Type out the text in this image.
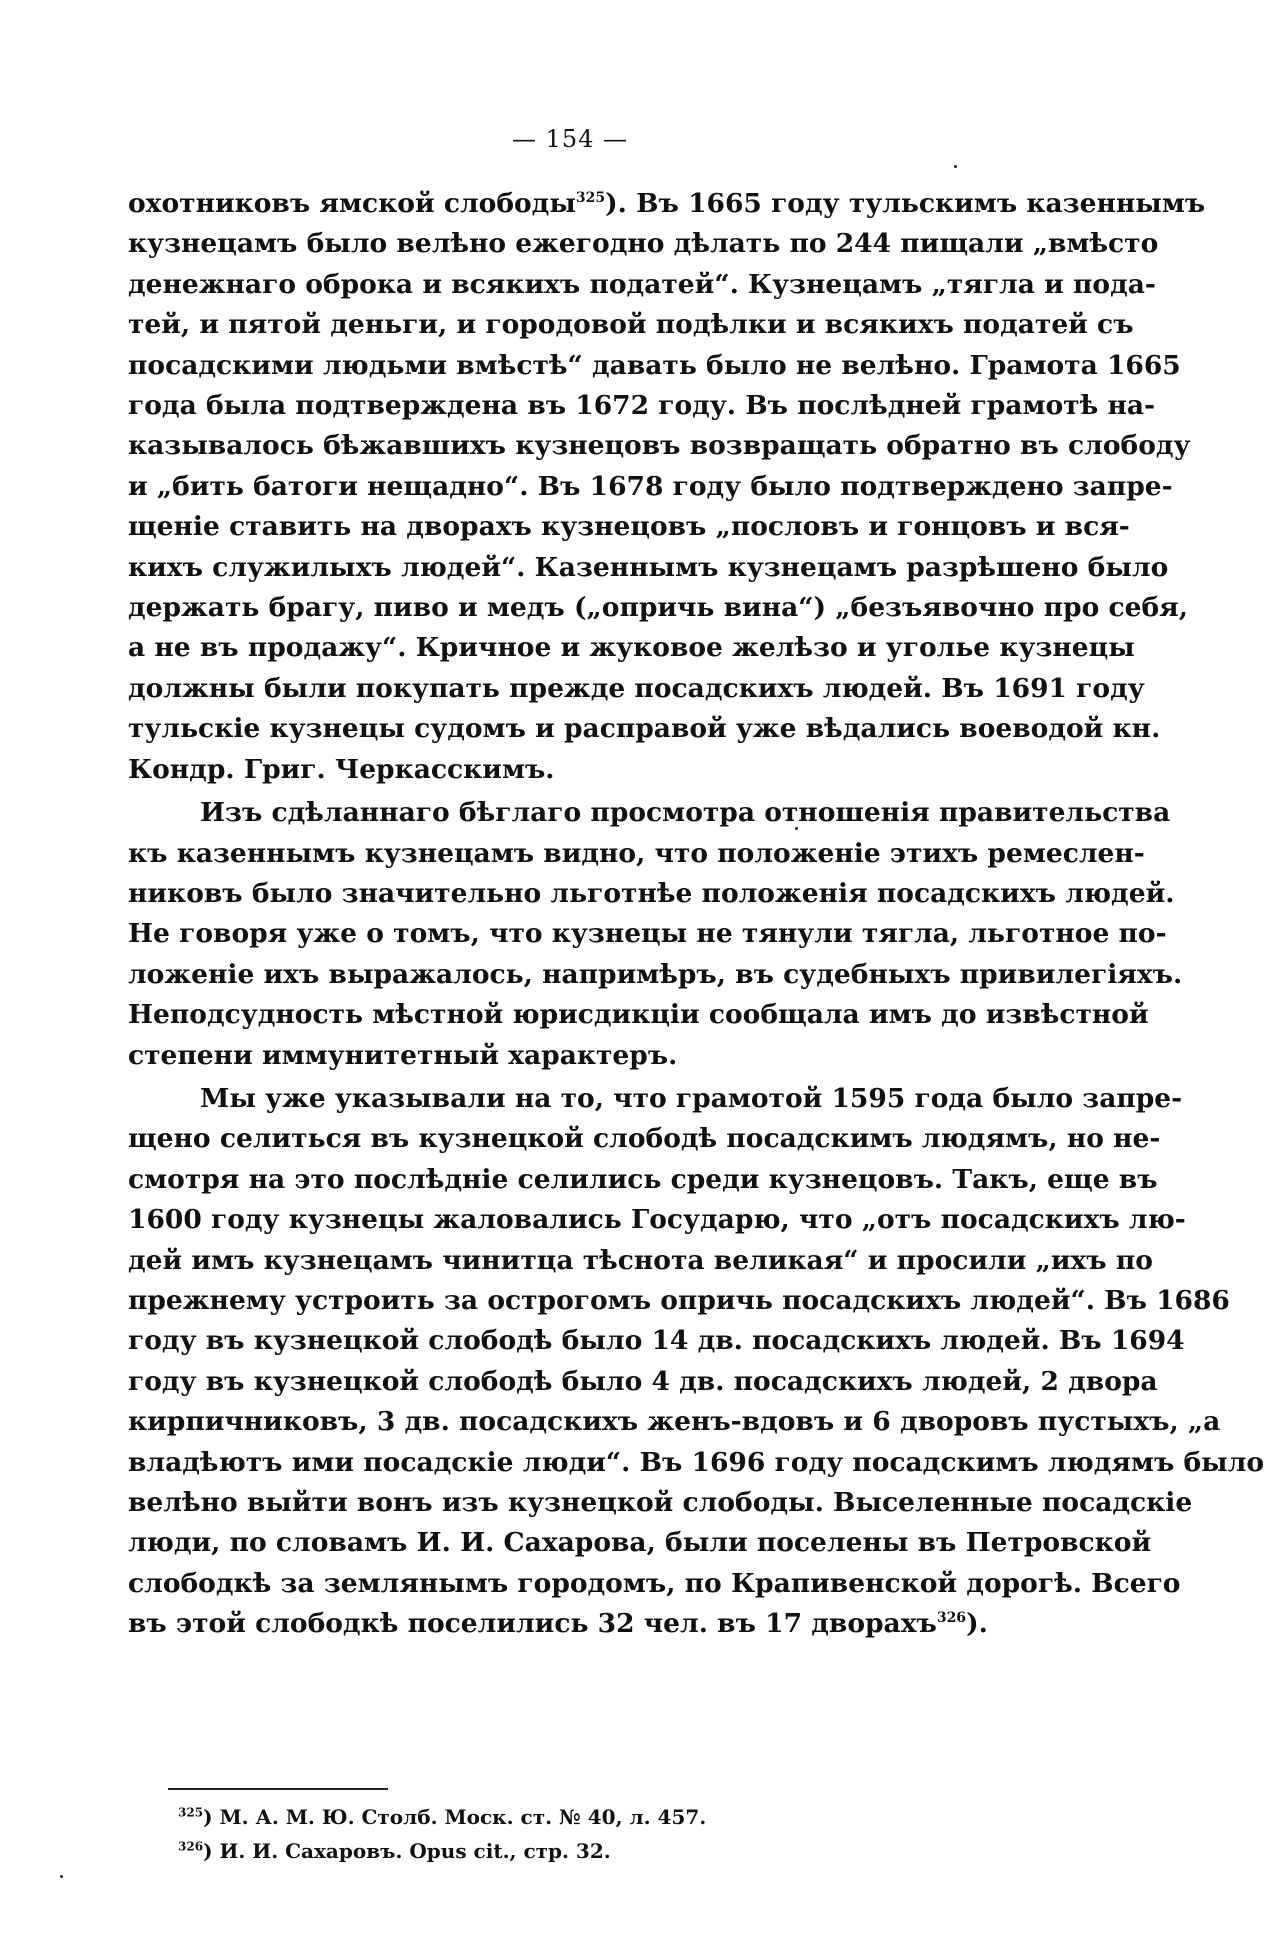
— 154 —
охотниковъ ямской слободы$^{325}$). Въ 1665 году тульскимъ казеннымъ
кузнецамъ было велѣно ежегодно дѣлать по 244 пищали „вмѣсто
денежнаго оброка и всякихъ податей“. Кузнецамъ „тягла и пода-
тей, и пятой деньги, и городовой подѣлки и всякихъ податей съ
посадскими людьми вмѣстѣ“ давать было не велѣно. Грамота 1665
года была подтверждена въ 1672 году. Въ послѣдней грамотѣ на-
казывалось бѣжавшихъ кузнецовъ возвращать обратно въ слободу
и „бить батоги нещадно“. Въ 1678 году было подтверждено запре-
щеніе ставить на дворахъ кузнецовъ „пословъ и гонцовъ и вся-
кихъ служилыхъ людей“. Казеннымъ кузнецамъ разрѣшено было
держать брагу, пиво и медъ („опричь вина“) „безъявочно про себя,
а не въ продажу“. Кричное и жуковое желѣзо и уголье кузнецы
должны были покупать прежде посадскихъ людей. Въ 1691 году
тульскіе кузнецы судомъ и расправой уже вѣдались воеводой кн.
Кондр. Григ. Черкасскимъ.
Изъ сдѣланнаго бѣглаго просмотра отношенія правительства
къ казеннымъ кузнецамъ видно, что положеніе этихъ ремеслен-
никовъ было значительно льготнѣе положенія посадскихъ людей.
Не говоря уже о томъ, что кузнецы не тянули тягла, льготное по-
ложеніе ихъ выражалось, напримѣръ, въ судебныхъ привилегіяхъ.
Неподсудность мѣстной юрисдикціи сообщала имъ до извѣстной
степени иммунитетный характеръ.
Мы уже указывали на то, что грамотой 1595 года было запре-
щено селиться въ кузнецкой слободѣ посадскимъ людямъ, но не-
смотря на это послѣдніе селились среди кузнецовъ. Такъ, еще въ
1600 году кузнецы жаловались Государю, что „отъ посадскихъ лю-
дей имъ кузнецамъ чинитца тѣснота великая“ и просили „ихъ по
прежнему устроить за острогомъ опричь посадскихъ людей“. Въ 1686
году въ кузнецкой слободѣ было 14 дв. посадскихъ людей. Въ 1694
году въ кузнецкой слободѣ было 4 дв. посадскихъ людей, 2 двора
кирпичниковъ, 3 дв. посадскихъ женъ-вдовъ и 6 дворовъ пустыхъ, „а
владѣютъ ими посадскіе люди“. Въ 1696 году посадскимъ людямъ было
велѣно выйти вонъ изъ кузнецкой слободы. Выселенные посадскіе
люди, по словамъ И. И. Сахарова, были поселены въ Петровской
слободкѣ за землянымъ городомъ, по Крапивенской дорогѣ. Всего
въ этой слободкѣ поселились 32 чел. въ 17 дворахъ$^{326}$).
$^{325}$) М. А. М. Ю. Столб. Моск. ст. № 40, л. 457.
$^{326}$) И. И. Сахаровъ. Opus cit., стр. 32.
